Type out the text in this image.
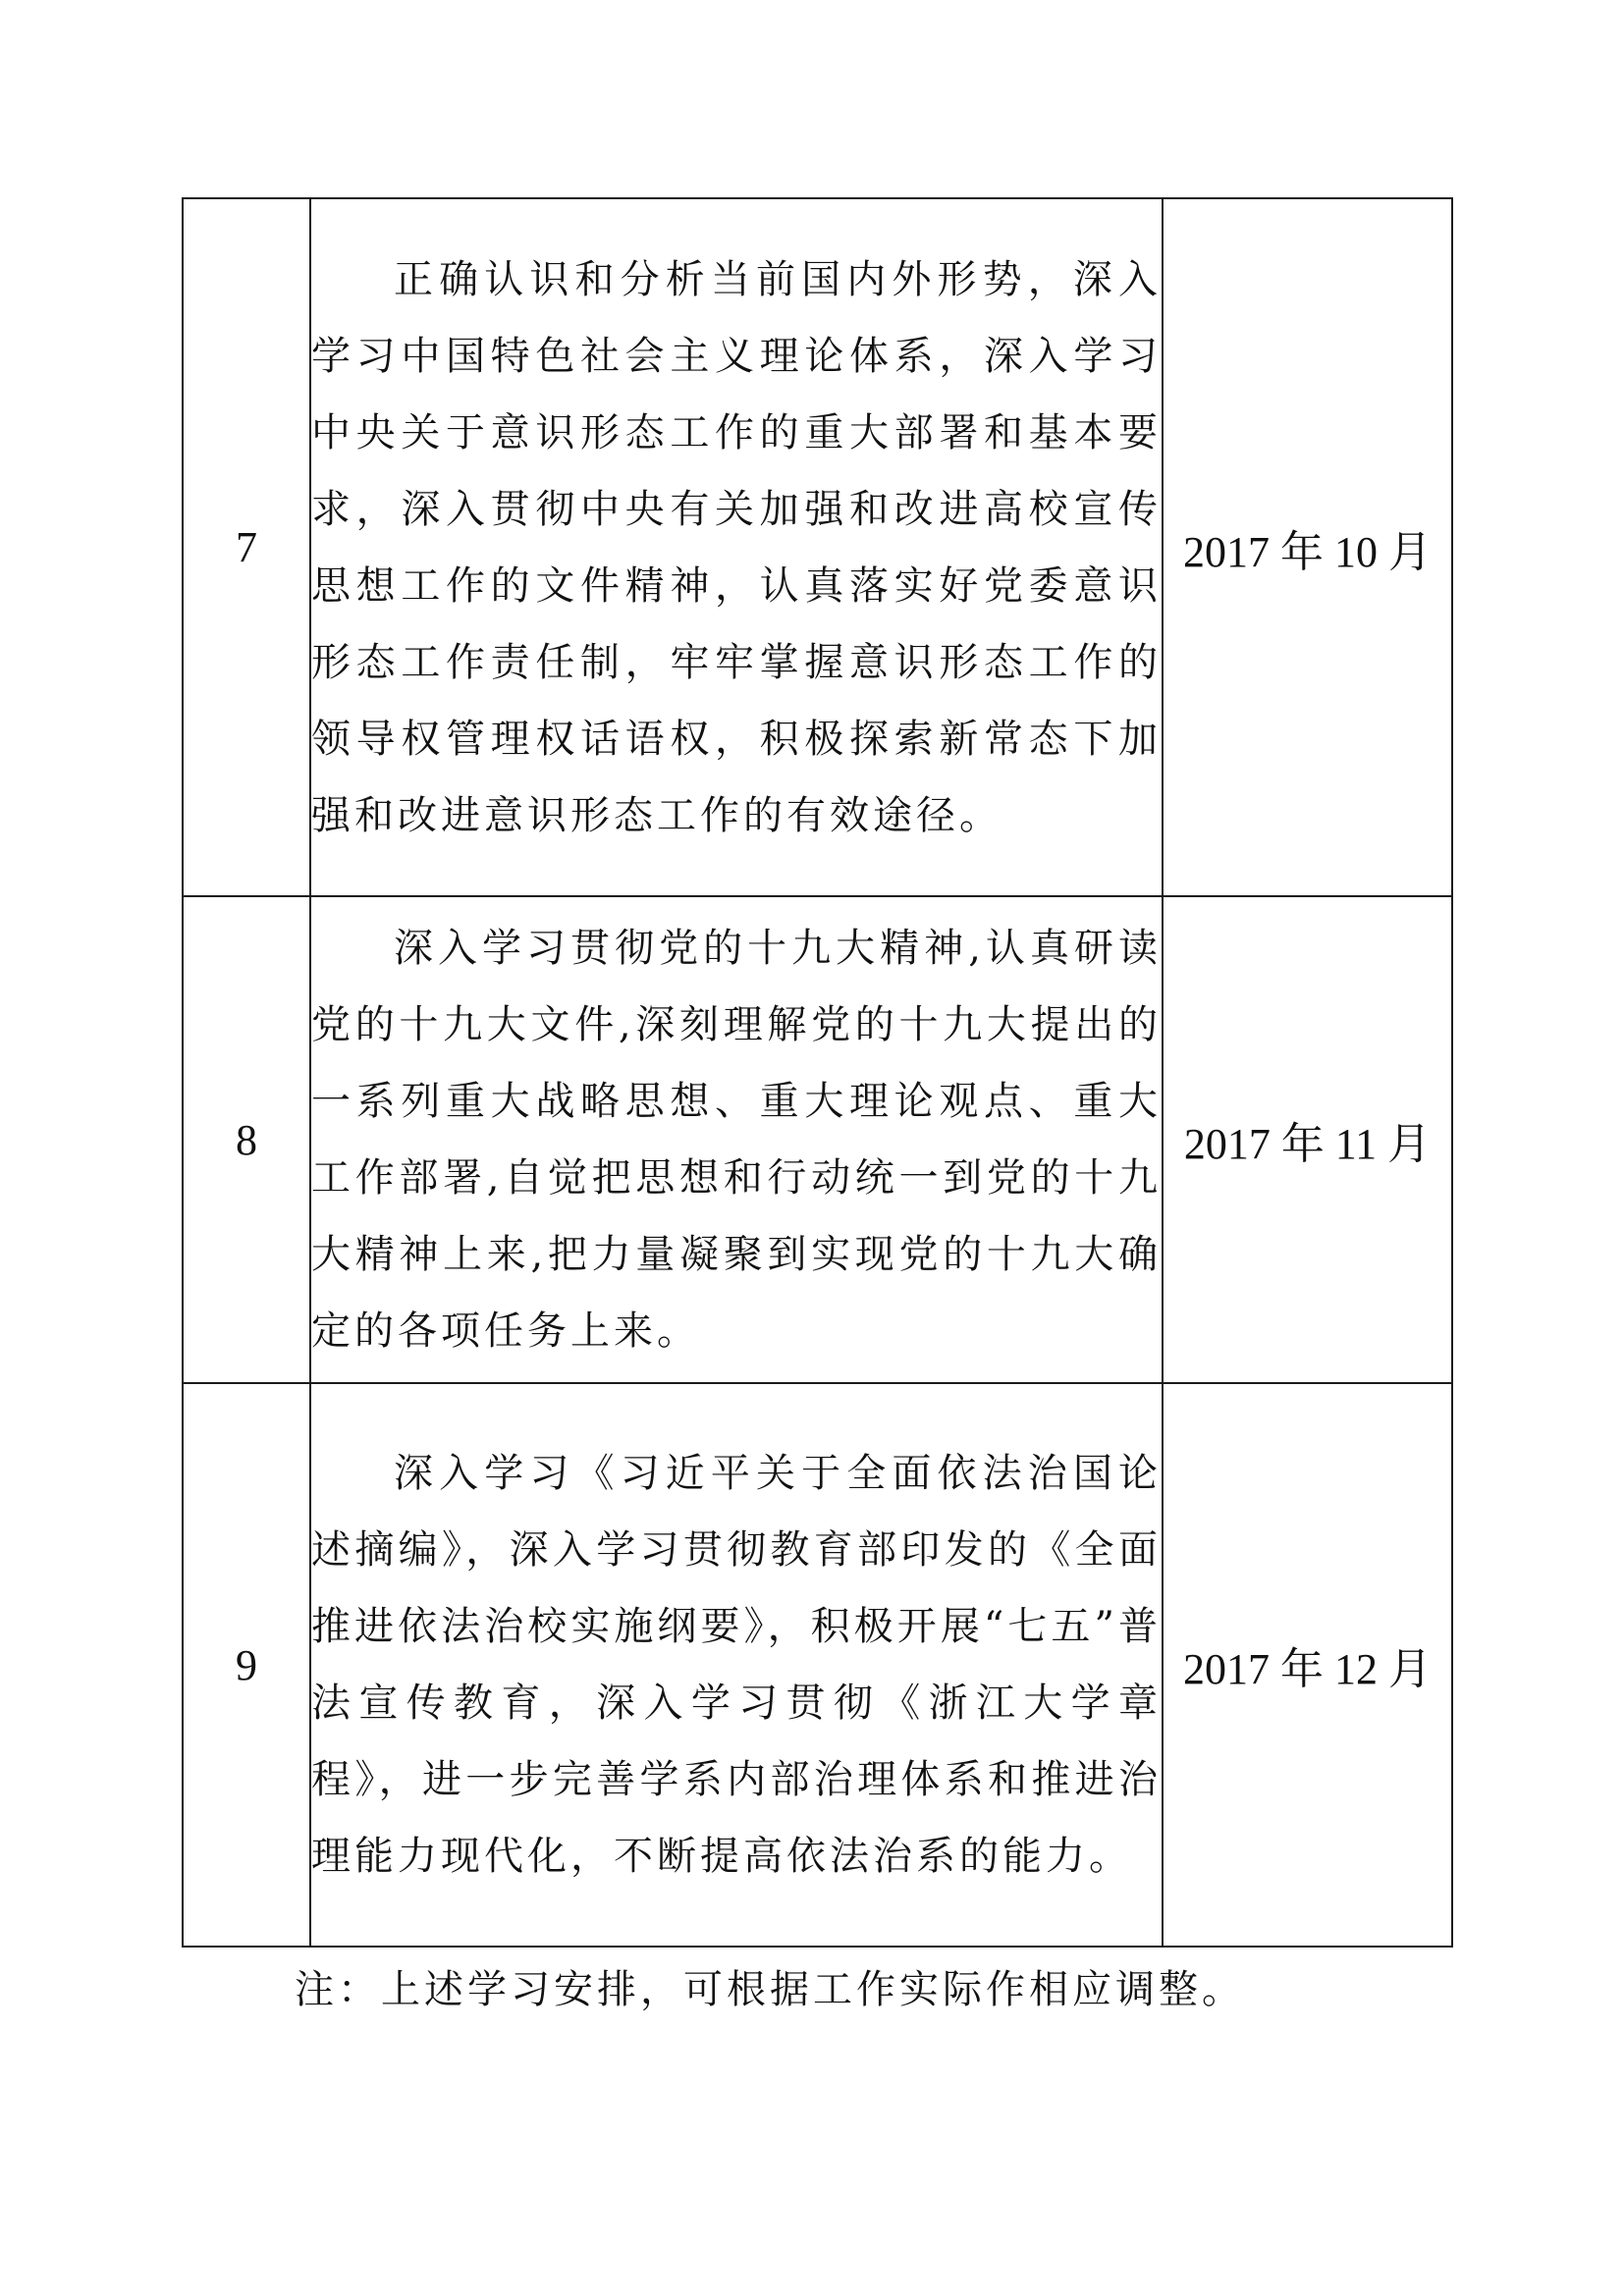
7	正确认识和分析当前国内外形势，深入学习中国特色社会主义理论体系，深入学习中央关于意识形态工作的重大部署和基本要求，深入贯彻中央有关加强和改进高校宣传思想工作的文件精神，认真落实好党委意识形态工作责任制，牢牢掌握意识形态工作的领导权管理权话语权，积极探索新常态下加强和改进意识形态工作的有效途径。	2017 年 10 月
8	深入学习贯彻党的十九大精神,认真研读党的十九大文件,深刻理解党的十九大提出的一系列重大战略思想、重大理论观点、重大工作部署,自觉把思想和行动统一到党的十九大精神上来,把力量凝聚到实现党的十九大确定的各项任务上来。	2017 年 11 月
9	深入学习《习近平关于全面依法治国论述摘编》，深入学习贯彻教育部印发的《全面推进依法治校实施纲要》，积极开展“七五”普法宣传教育，深入学习贯彻《浙江大学章程》，进一步完善学系内部治理体系和推进治理能力现代化，不断提高依法治系的能力。	2017 年 12 月
注：上述学习安排，可根据工作实际作相应调整。
